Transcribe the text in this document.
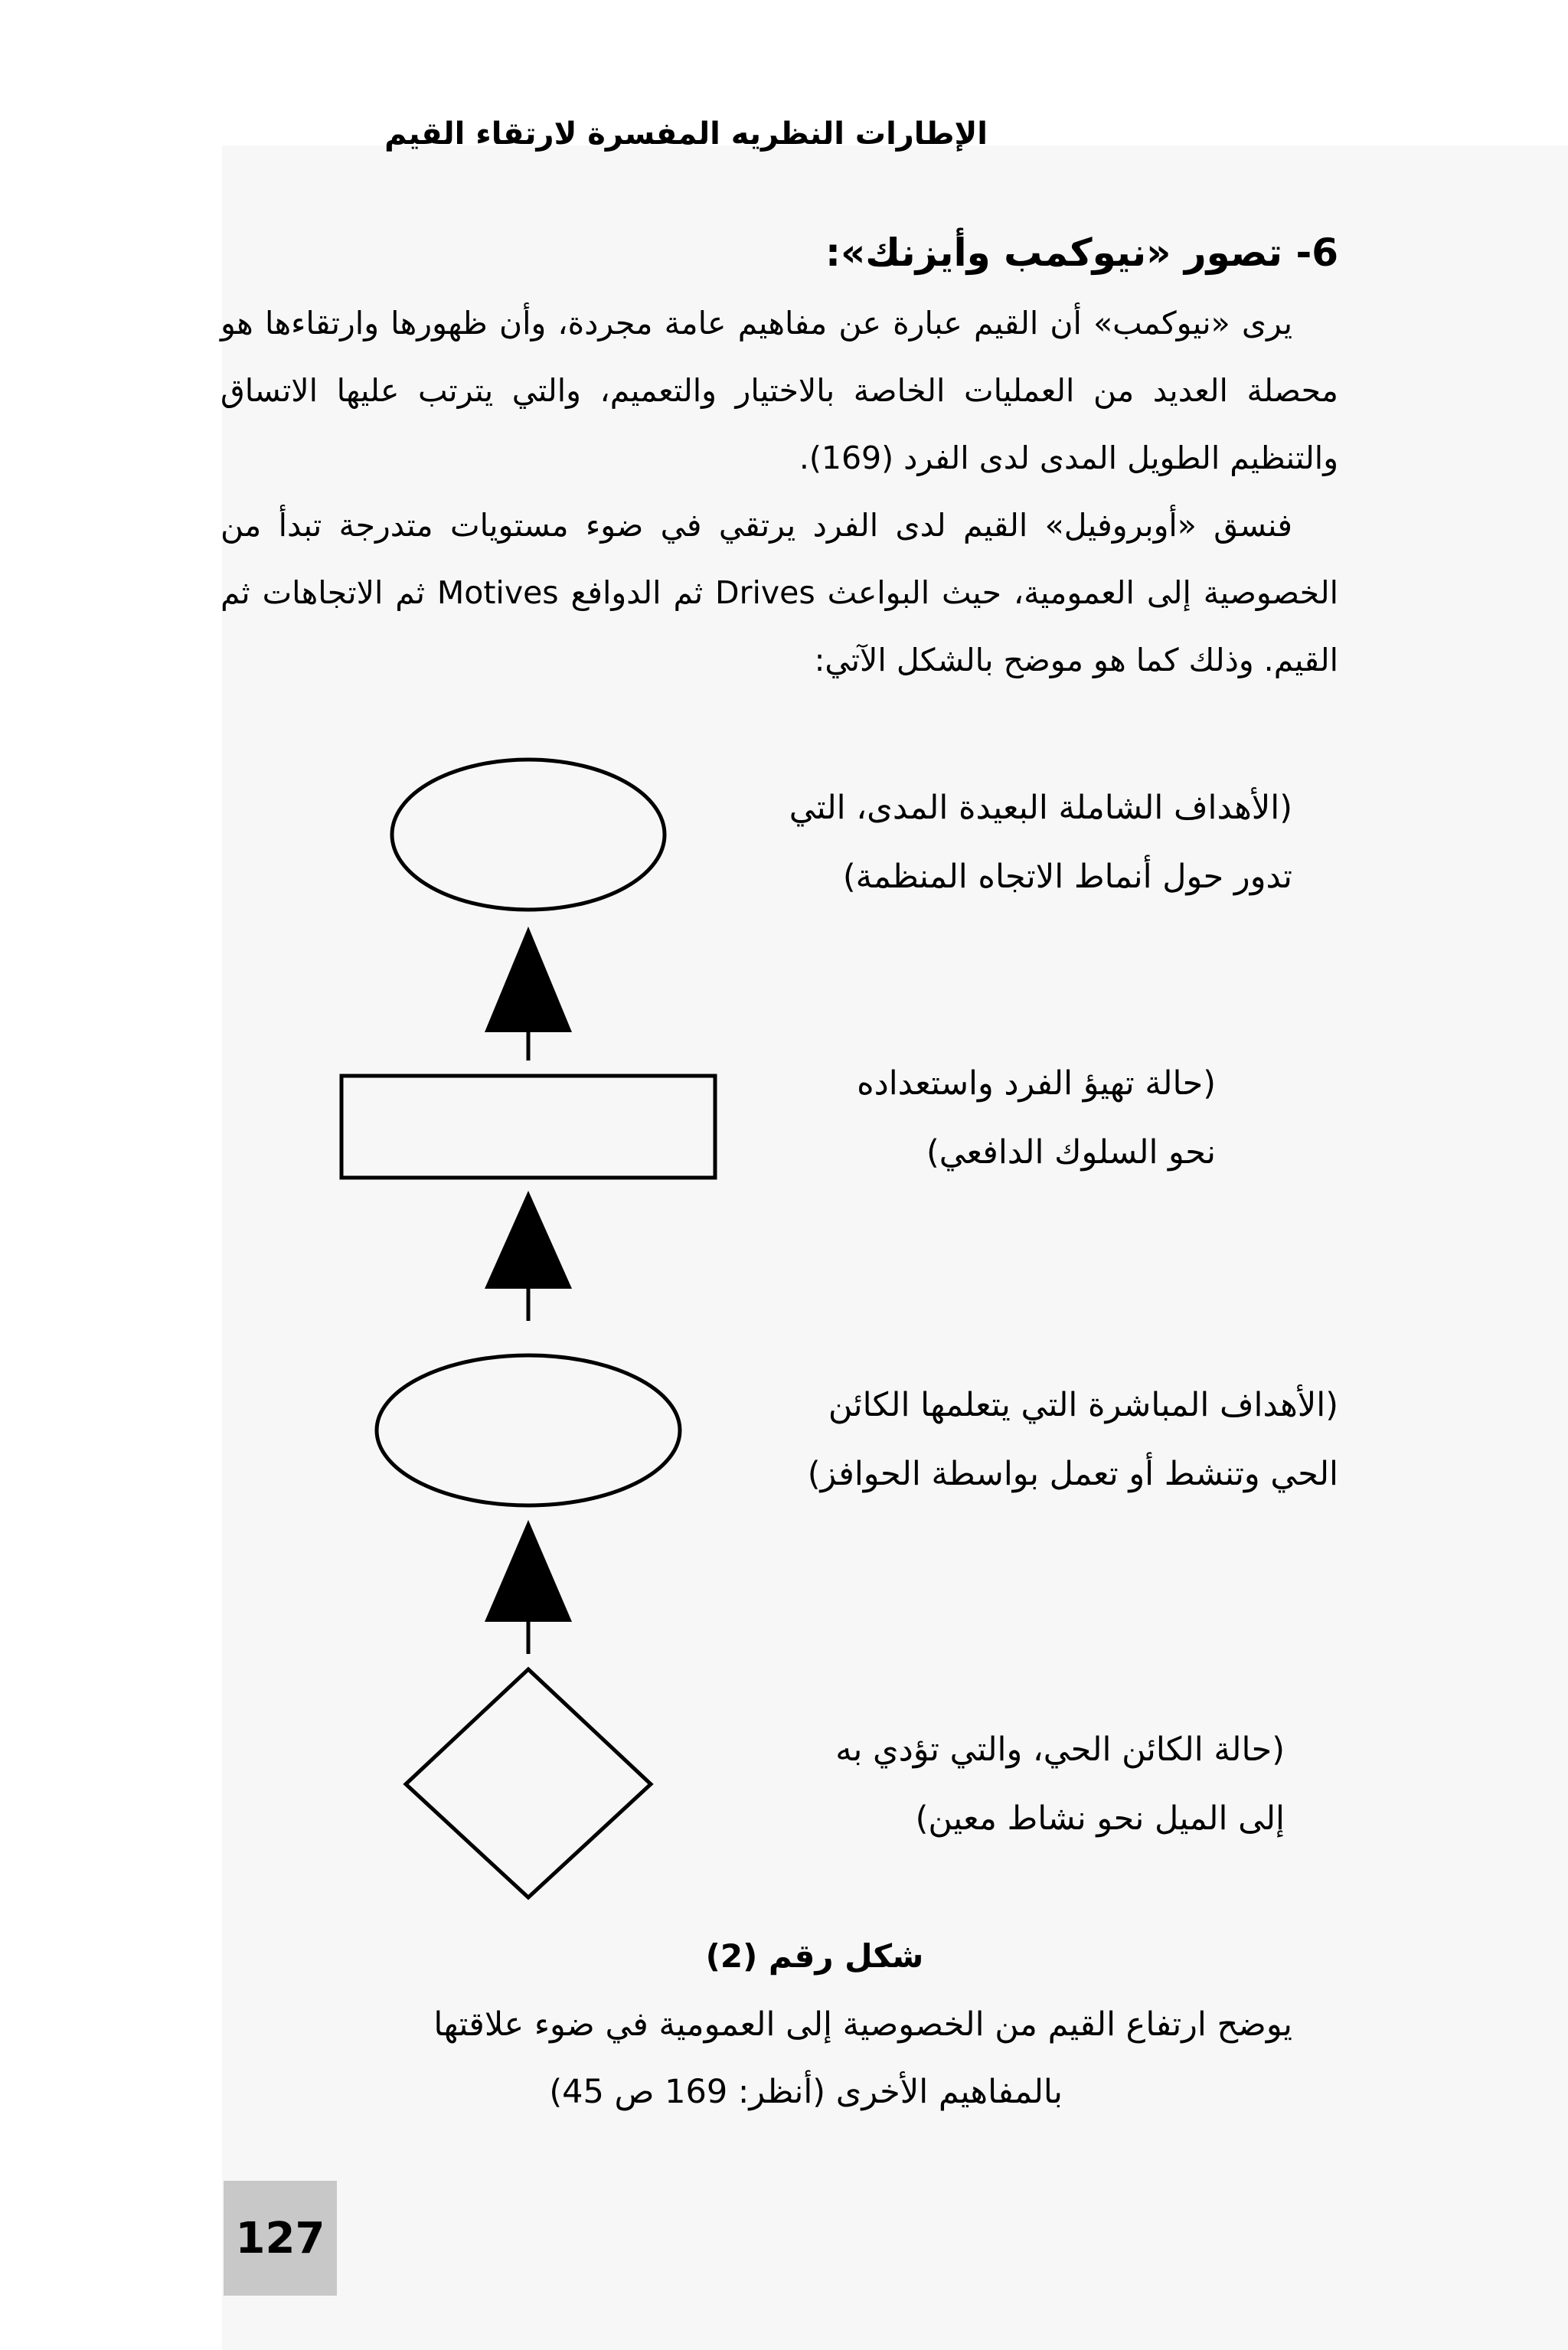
الإطارات النظريه المفسرة لارتقاء القيم
6- تصور «نيوكمب وأيزنك»:

يرى «نيوكمب» أن القيم عبارة عن مفاهيم عامة مجردة، وأن ظهورها وارتقاءها هو محصلة العديد من العمليات الخاصة بالاختيار والتعميم، والتي يترتب عليها الاتساق والتنظيم الطويل المدى لدى الفرد (169).

فنسق «أوبروفيل» القيم لدى الفرد يرتقي في ضوء مستويات متدرجة تبدأ من الخصوصية إلى العمومية، حيث البواعث Drives ثم الدوافع Motives ثم الاتجاهات ثم القيم. وذلك كما هو موضح بالشكل الآتي:

(الأهداف الشاملة البعيدة المدى، التي
تدور حول أنماط الاتجاه المنظمة)
(حالة تهيؤ الفرد واستعداده
نحو السلوك الدافعي)
(الأهداف المباشرة التي يتعلمها الكائن
الحي وتنشط أو تعمل بواسطة الحوافز)
(حالة الكائن الحي، والتي تؤدي به
إلى الميل نحو نشاط معين)
شكل رقم (2)
يوضح ارتفاع القيم من الخصوصية إلى العمومية في ضوء علاقتها
بالمفاهيم الأخرى (أنظر: 169 ص 45)
127
